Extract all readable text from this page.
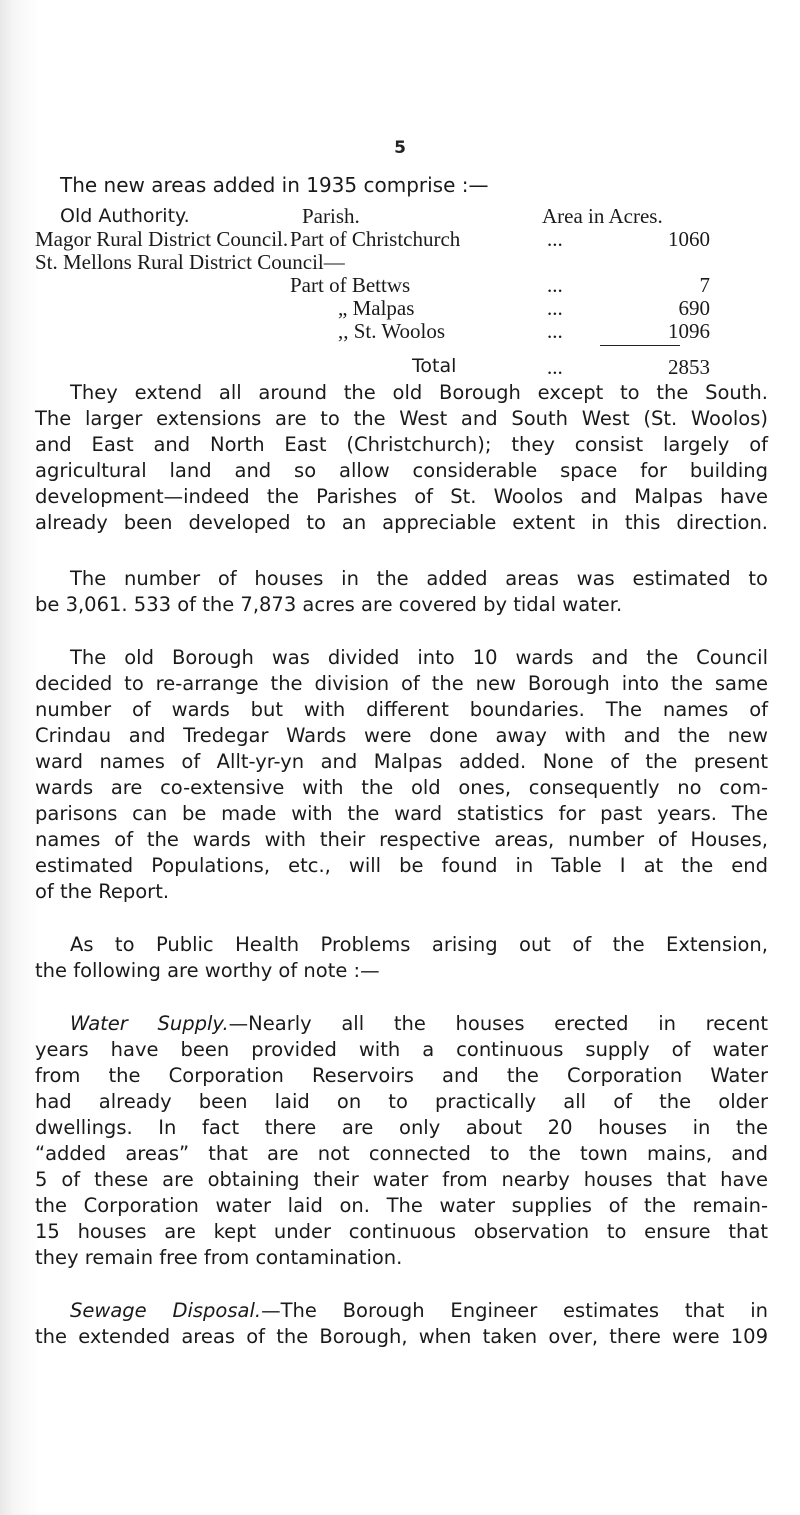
5
The new areas added in 1935 comprise :—
Old Authority.	Parish.	Area in Acres.
Magor Rural District Council. Part of Christchurch	...	1060
St. Mellons Rural District Council—
Part of Bettws	...	7
„ Malpas	...	690
,, St. Woolos	...	1096
Total	...	2853
They extend all around the old Borough except to the South.
The larger extensions are to the West and South West (St. Woolos)
and East and North East (Christchurch); they consist largely of
agricultural land and so allow considerable space for building
development—indeed the Parishes of St. Woolos and Malpas have
already been developed to an appreciable extent in this direction.
The number of houses in the added areas was estimated to
be 3,061. 533 of the 7,873 acres are covered by tidal water.
The old Borough was divided into 10 wards and the Council
decided to re-arrange the division of the new Borough into the same
number of wards but with different boundaries. The names of
Crindau and Tredegar Wards were done away with and the new
ward names of Allt-yr-yn and Malpas added. None of the present
wards are co-extensive with the old ones, consequently no com-
parisons can be made with the ward statistics for past years. The
names of the wards with their respective areas, number of Houses,
estimated Populations, etc., will be found in Table I at the end
of the Report.
As to Public Health Problems arising out of the Extension,
the following are worthy of note :—
Water Supply.—Nearly all the houses erected in recent
years have been provided with a continuous supply of water
from the Corporation Reservoirs and the Corporation Water
had already been laid on to practically all of the older
dwellings. In fact there are only about 20 houses in the
“added areas” that are not connected to the town mains, and
5 of these are obtaining their water from nearby houses that have
the Corporation water laid on. The water supplies of the remain-
15 houses are kept under continuous observation to ensure that
they remain free from contamination.
Sewage Disposal.—The Borough Engineer estimates that in
the extended areas of the Borough, when taken over, there were 109
